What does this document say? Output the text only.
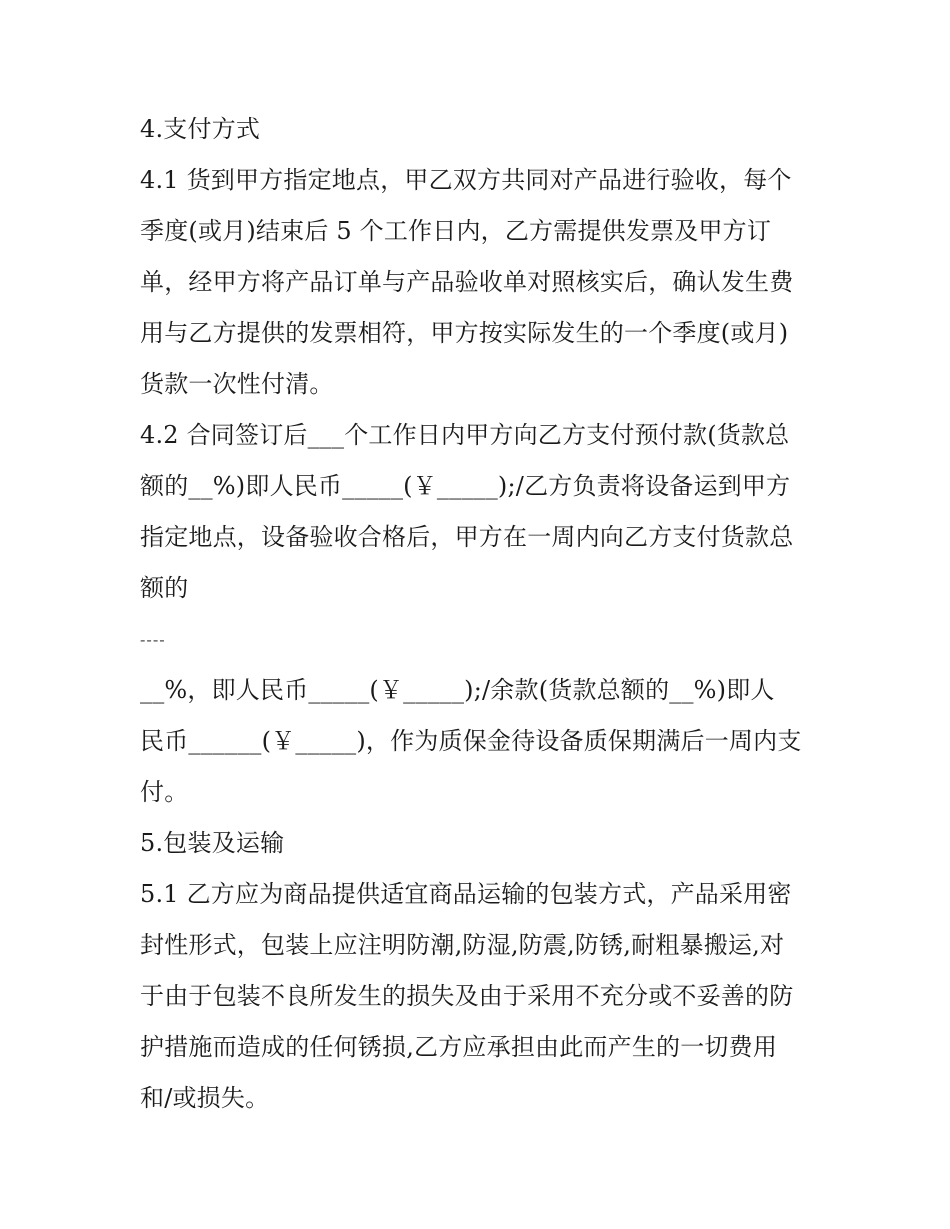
4.支付方式
4.1 货到甲方指定地点，甲乙双方共同对产品进行验收，每个
季度(或月)结束后 5 个工作日内，乙方需提供发票及甲方订
单，经甲方将产品订单与产品验收单对照核实后，确认发生费
用与乙方提供的发票相符，甲方按实际发生的一个季度(或月)
货款一次性付清。
4.2 合同签订后___个工作日内甲方向乙方支付预付款(货款总
额的__%)即人民币_____(￥_____);/乙方负责将设备运到甲方
指定地点，设备验收合格后，甲方在一周内向乙方支付货款总
额的
----
__%，即人民币_____(￥_____);/余款(货款总额的__%)即人
民币______(￥_____)，作为质保金待设备质保期满后一周内支
付。
5.包装及运输
5.1 乙方应为商品提供适宜商品运输的包装方式，产品采用密
封性形式，包装上应注明防潮,防湿,防震,防锈,耐粗暴搬运,对
于由于包装不良所发生的损失及由于采用不充分或不妥善的防
护措施而造成的任何锈损,乙方应承担由此而产生的一切费用
和/或损失。
